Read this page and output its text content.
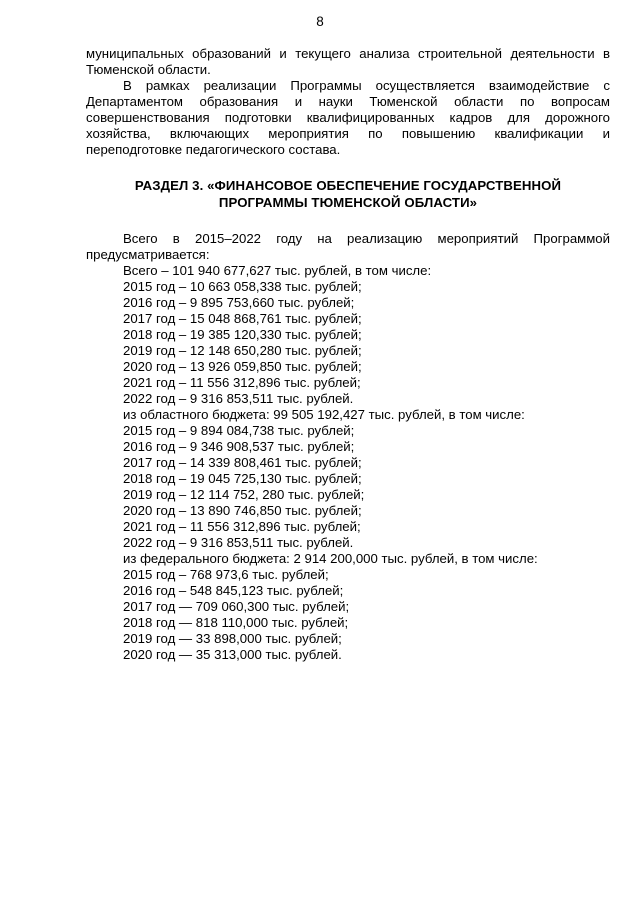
8

муниципальных образований и текущего анализа строительной деятельности в Тюменской области.

В рамках реализации Программы осуществляется взаимодействие с Департаментом образования и науки Тюменской области по вопросам совершенствования подготовки квалифицированных кадров для дорожного хозяйства, включающих мероприятия по повышению квалификации и переподготовке педагогического состава.

РАЗДЕЛ 3. «ФИНАНСОВОЕ ОБЕСПЕЧЕНИЕ ГОСУДАРСТВЕННОЙ
ПРОГРАММЫ ТЮМЕНСКОЙ ОБЛАСТИ»

Всего в 2015–2022 году на реализацию мероприятий Программой предусматривается:

Всего – 101 940 677,627 тыс. рублей, в том числе:
2015 год – 10 663 058,338 тыс. рублей;
2016 год – 9 895 753,660 тыс. рублей;
2017 год – 15 048 868,761 тыс. рублей;
2018 год – 19 385 120,330 тыс. рублей;
2019 год – 12 148 650,280 тыс. рублей;
2020 год – 13 926 059,850 тыс. рублей;
2021 год – 11 556 312,896 тыс. рублей;
2022 год – 9 316 853,511 тыс. рублей.
из областного бюджета: 99 505 192,427 тыс. рублей, в том числе:
2015 год – 9 894 084,738 тыс. рублей;
2016 год – 9 346 908,537 тыс. рублей;
2017 год – 14 339 808,461 тыс. рублей;
2018 год – 19 045 725,130 тыс. рублей;
2019 год – 12 114 752, 280 тыс. рублей;
2020 год – 13 890 746,850 тыс. рублей;
2021 год – 11 556 312,896 тыс. рублей;
2022 год – 9 316 853,511 тыс. рублей.
из федерального бюджета: 2 914 200,000 тыс. рублей, в том числе:
2015 год – 768 973,6 тыс. рублей;
2016 год – 548 845,123 тыс. рублей;
2017 год — 709 060,300 тыс. рублей;
2018 год — 818 110,000 тыс. рублей;
2019 год — 33 898,000 тыс. рублей;
2020 год — 35 313,000 тыс. рублей.
